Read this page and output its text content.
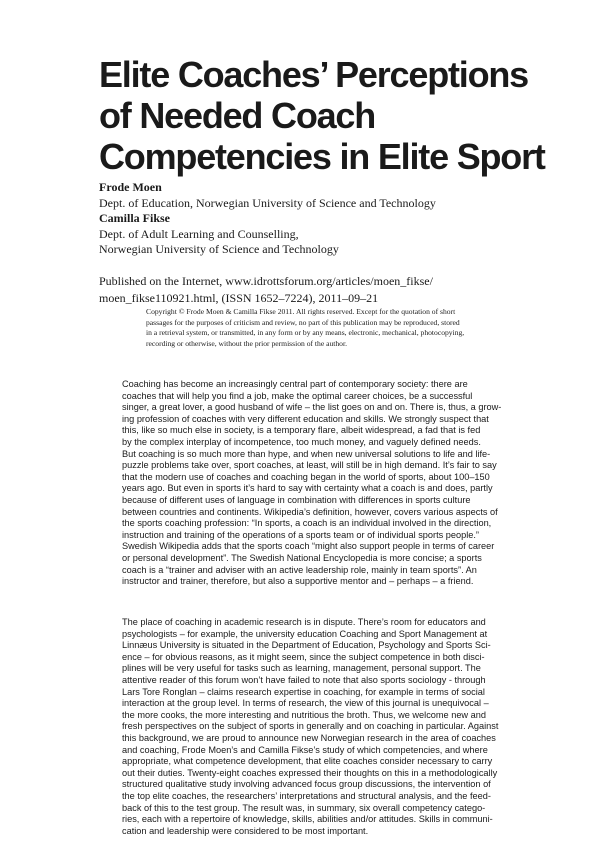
Elite Coaches’ Perceptions
of Needed Coach
Competencies in Elite Sport
Frode Moen
Dept. of Education, Norwegian University of Science and Technology
Camilla Fikse
Dept. of Adult Learning and Counselling,
Norwegian University of Science and Technology
Published on the Internet, www.idrottsforum.org/articles/moen_fikse/
moen_fikse110921.html, (ISSN 1652–7224), 2011–09–21
Copyright © Frode Moen & Camilla Fikse 2011. All rights reserved. Except for the quotation of short
passages for the purposes of criticism and review, no part of this publication may be reproduced, stored
in a retrieval system, or transmitted, in any form or by any means, electronic, mechanical, photocopying,
recording or otherwise, without the prior permission of the author.
Coaching has become an increasingly central part of contemporary society: there are
coaches that will help you find a job, make the optimal career choices, be a successful
singer, a great lover, a good husband of wife – the list goes on and on. There is, thus, a grow-
ing profession of coaches with very different education and skills. We strongly suspect that
this, like so much else in society, is a temporary flare, albeit widespread, a fad that is fed
by the complex interplay of incompetence, too much money, and vaguely defined needs.
But coaching is so much more than hype, and when new universal solutions to life and life-
puzzle problems take over, sport coaches, at least, will still be in high demand. It’s fair to say
that the modern use of coaches and coaching began in the world of sports, about 100–150
years ago. But even in sports it’s hard to say with certainty what a coach is and does, partly
because of different uses of language in combination with differences in sports culture
between countries and continents. Wikipedia’s definition, however, covers various aspects of
the sports coaching profession: “In sports, a coach is an individual involved in the direction,
instruction and training of the operations of a sports team or of individual sports people.”
Swedish Wikipedia adds that the sports coach “might also support people in terms of career
or personal development”. The Swedish National Encyclopedia is more concise; a sports
coach is a “trainer and adviser with an active leadership role, mainly in team sports”. An
instructor and trainer, therefore, but also a supportive mentor and – perhaps – a friend.
The place of coaching in academic research is in dispute. There’s room for educators and
psychologists – for example, the university education Coaching and Sport Management at
Linnæus University is situated in the Department of Education, Psychology and Sports Sci-
ence – for obvious reasons, as it might seem, since the subject competence in both disci-
plines will be very useful for tasks such as learning, management, personal support. The
attentive reader of this forum won’t have failed to note that also sports sociology - through
Lars Tore Ronglan – claims research expertise in coaching, for example in terms of social
interaction at the group level. In terms of research, the view of this journal is unequivocal –
the more cooks, the more interesting and nutritious the broth. Thus, we welcome new and
fresh perspectives on the subject of sports in generally and on coaching in particular. Against
this background, we are proud to announce new Norwegian research in the area of coaches
and coaching, Frode Moen’s and Camilla Fikse’s study of which competencies, and where
appropriate, what competence development, that elite coaches consider necessary to carry
out their duties. Twenty-eight coaches expressed their thoughts on this in a methodologically
structured qualitative study involving advanced focus group discussions, the intervention of
the top elite coaches, the researchers’ interpretations and structural analysis, and the feed-
back of this to the test group. The result was, in summary, six overall competency catego-
ries, each with a repertoire of knowledge, skills, abilities and/or attitudes. Skills in communi-
cation and leadership were considered to be most important.
